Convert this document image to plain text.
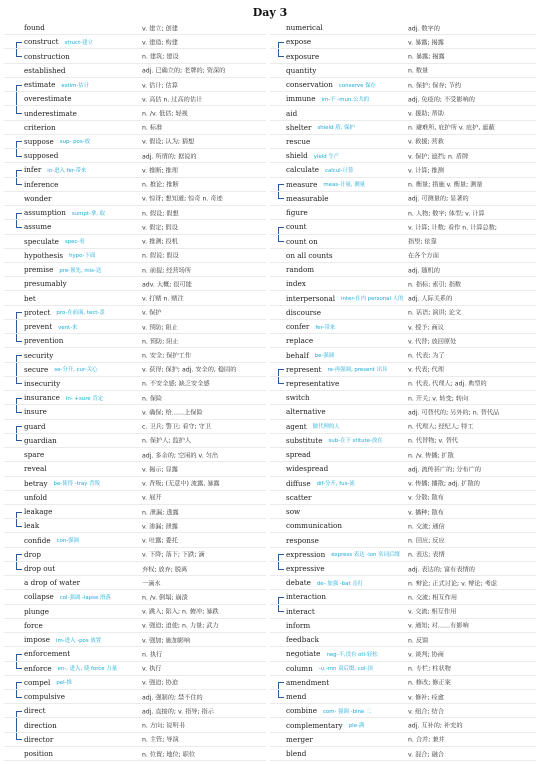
Day 3
found	v. 建立; 创建
construct struct-建立	v. 建造; 构建
construction	n. 建筑; 建设
established	adj. 已确立的; 老牌的; 资深的
estimate estim-估计	v. 估计; 估算
overestimate	v. 高估 n. 过高的估计
underestimate	n. /v. 低估; 轻视
criterion	n. 标准
suppose sup- pos-放	v. 假设; 认为; 猜想
supposed	adj. 所谓的; 据说的
infer in-进入 fer-带来	v. 推断; 推理
inference	n. 推论; 推断
wonder	v. 惊讶; 想知道; 惊奇 n. 奇迹
assumption sumpt-拿, 取	n. 假设; 假想
assume	v. 假定; 假设
speculate spec-看	v. 推测; 投机
hypothesis hypo-下面	n. 假说; 假设
premise pre-预先, mis-送	n. 前提; 经营场所
presumably	adv. 大概; 很可能
bet	v. 打赌 n. 赌注
protect pro-在前面, tect-盖	v. 保护
prevent vent-来	v. 预防; 阻止
prevention	n. 预防; 阻止
security	n. 安全; 保护工作
secure se-分开, cur-关心	v. 获得; 保护; adj. 安全的, 稳固的
insecurity	n. 不安全感; 缺乏安全感
insurance in- +sure 肯定	n. 保险
insure	v. 确保; 给……上保险
guard	c. 卫兵; 警卫; 看守; 守卫
guardian	n. 保护人; 监护人
spare	adj. 多余的; 空闲的 v. 匀出
reveal	v. 揭示; 显露
betray be-使得 -tray 背叛	v. 背叛; (无意中) 流露, 暴露
unfold	v. 展开
leakage	n. 泄漏; 透露
leak	v. 渗漏; 泄露
confide con-强调	v. 吐露; 委托
drop	v. 下降; 落下; 下跌; 滴
drop out	弃权; 放弃; 脱离
a drop of water	一滴水
collapse col-强调 -lapse 滑落	n. /v. 倒塌; 崩溃
plunge	v. 跳入; 陷入; n. 俯冲; 暴跌
force	v. 强迫; 迫使; n. 力量; 武力
impose im-进入 -pos 放置	v. 强加; 施加影响
enforcement	n. 执行
enforce en-, 进入, 使 force 力量	v. 执行
compel pel-推	v. 强迫; 协迫
compulsive	adj. 强制的; 禁不住的
direct	adj. 直接的; v. 指导; 指示
direction	n. 方向; 说明书
director	n. 主管; 导演
position	n. 位置; 地位; 职位
numerical	adj. 数字的
expose	v. 暴露; 揭露
exposure	n. 暴露; 揭露
quantity	n. 数量
conservation conserve 保存	n. 保护; 保存; 节约
immune im-不 -mun,公共的	adj. 免疫的; 不受影响的
aid	v. 援助; 帮助
shelter shield 盾, 保护	n. 避难所, 庇护所 v. 庇护, 遮蔽
rescue	v. 救援; 营救
shield yield 生产	v. 保护; 遮挡; n. 盾牌
calculate calcul-计算	v. 计算; 推测
measure meas-计量, 测量	n. 衡量; 措施 v. 衡量; 测量
measurable	adj. 可测量的; 显著的
figure	n. 人物; 数字; 体型; v. 计算
count	v. 计算; 计数; 看作 n. 计算总数;
count on	指望; 依靠
on all counts	在各个方面
random	adj. 随机的
index	n. 指标; 索引; 指数
interpersonal inter-在内 personal 人的 adj. 人际关系的
discourse	n. 话语; 演讲; 论文
confer fer-带来	v. 授予; 商议
replace	v. 代替; 放回原处
behalf be-强调	n. 代表; 为了
represent re-再强调, present 出具	v. 代表; 代理
representative	n. 代表, 代理人; adj. 典型的
switch	n. 开关; v. 转变; 转向
alternative	adj. 可替代的; 另外的; n. 替代品
agent 做代理的人	n. 代理人; 经纪人; 特工
substitute sub-在下 stitute-放在	n. 代替物; v. 替代
spread	n. /v. 传播; 扩散
widespread	adj. 流传甚广的; 分布广的
diffuse dif-分开, fus-流	v. 传播; 播散; adj. 扩散的
scatter	v. 分散; 散布
sow	v. 播种; 散布
communication	n. 交流; 通信
response	n. 回应; 反应
expression express 表达 -ion 名词后缀 n. 表达; 表情
expressive	adj. 表达的; 富有表情的
debate de- 加强 -bat 击打	n. 辩论; 正式讨论; v. 辩论; 考虑
interaction	n. 交流; 相互作用
interact	v. 交流; 相互作用
inform	v. 通知; 对……有影响
feedback	n. 反馈
negotiate neg-不,没有 oti-轻松	v. 谈判; 协商
column -u,-mn 双后缀, col-顶	n. 专栏; 柱状物
amendment	n. 修改; 修正案
mend	v. 修补; 痊愈
combine com- 强调 -bine 二	v. 组合; 结合
complementary ple-满	adj. 互补的; 补充的
merger	n. 合并; 兼并
blend	v. 混合; 融合
